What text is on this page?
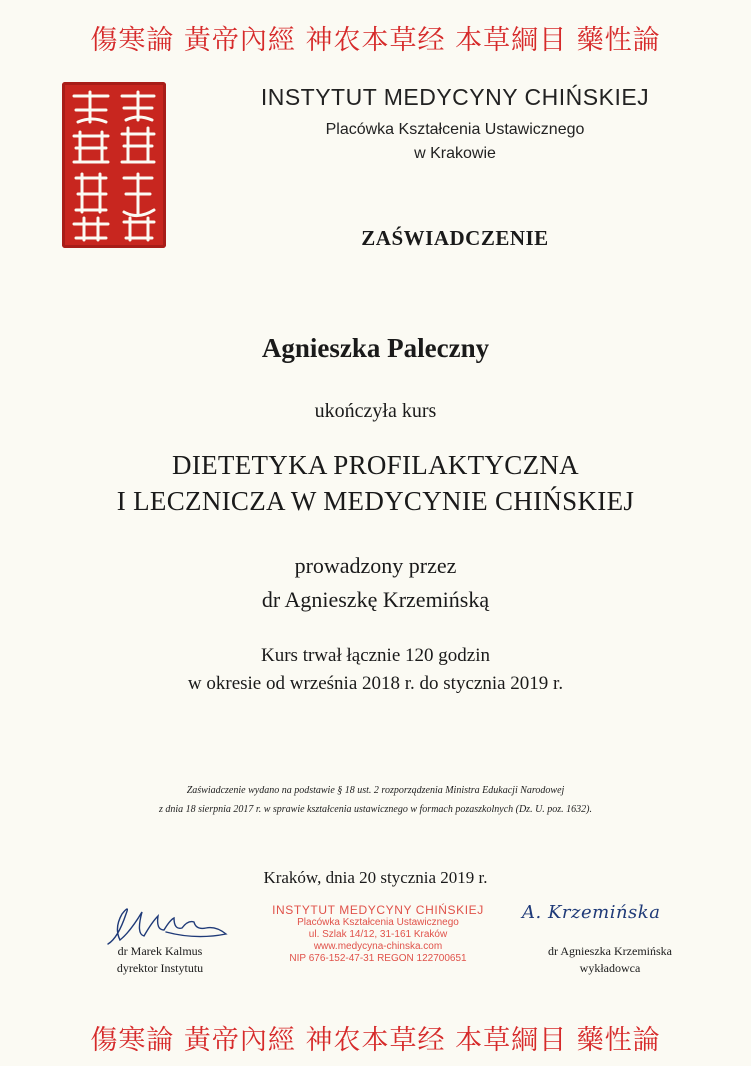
傷寒論 黃帝內經 神农本草经 本草綱目 藥性論
INSTYTUT MEDYCYNY CHIŃSKIEJ
Placówka Kształcenia Ustawicznego
w Krakowie
ZAŚWIADCZENIE
Agnieszka Paleczny
ukończyła kurs
DIETETYKA PROFILAKTYCZNA
I LECZNICZA W MEDYCYNIE CHIŃSKIEJ
prowadzony przez
dr Agnieszkę Krzemińską
Kurs trwał łącznie 120 godzin
w okresie od września 2018 r. do stycznia 2019 r.
Zaświadczenie wydano na podstawie § 18 ust. 2 rozporządzenia Ministra Edukacji Narodowej
z dnia 18 sierpnia 2017 r. w sprawie kształcenia ustawicznego w formach pozaszkolnych (Dz. U. poz. 1632).
Kraków, dnia 20 stycznia 2019 r.
dr Marek Kalmus
dyrektor Instytutu
INSTYTUT MEDYCYNY CHIŃSKIEJ
Placówka Kształcenia Ustawicznego
ul. Szlak 14/12, 31-161 Kraków
www.medycyna-chinska.com
NIP 676-152-47-31 REGON 122700651
A. Krzemińska
dr Agnieszka Krzemińska
wykładowca
傷寒論 黃帝內經 神农本草经 本草綱目 藥性論
